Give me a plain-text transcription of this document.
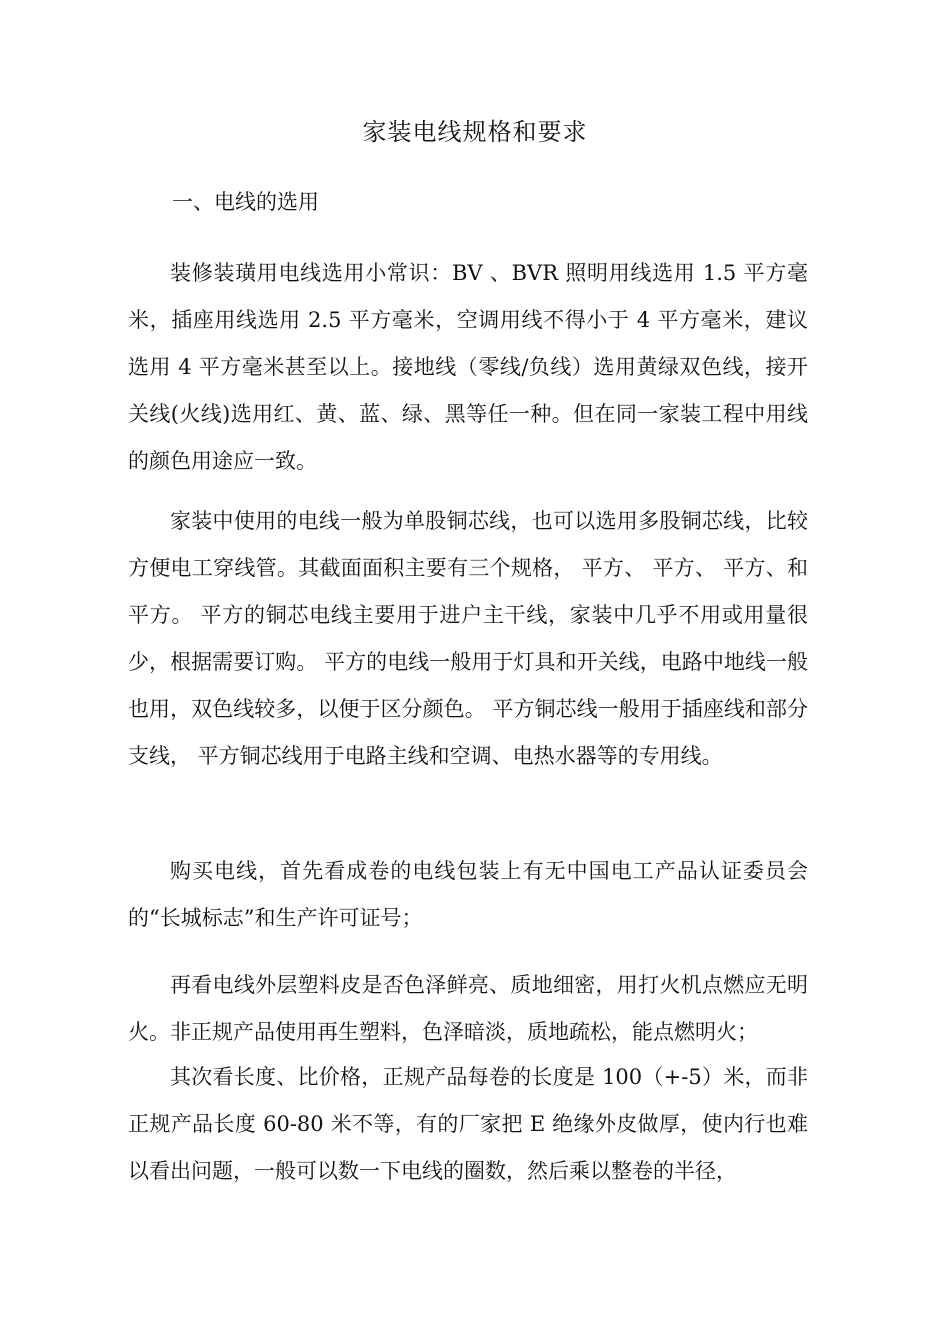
家装电线规格和要求
一、电线的选用

装修装璜用电线选用小常识：BV 、BVR 照明用线选用 1.5 平方毫米，插座用线选用 2.5 平方毫米，空调用线不得小于 4 平方毫米，建议选用 4 平方毫米甚至以上。接地线（零线/负线）选用黄绿双色线，接开关线(火线)选用红、黄、蓝、绿、黑等任一种。但在同一家装工程中用线的颜色用途应一致。

家装中使用的电线一般为单股铜芯线，也可以选用多股铜芯线，比较方便电工穿线管。其截面面积主要有三个规格， 平方、 平方、 平方、和 平方。 平方的铜芯电线主要用于进户主干线，家装中几乎不用或用量很少，根据需要订购。 平方的电线一般用于灯具和开关线，电路中地线一般也用，双色线较多，以便于区分颜色。 平方铜芯线一般用于插座线和部分支线， 平方铜芯线用于电路主线和空调、电热水器等的专用线。

购买电线，首先看成卷的电线包装上有无中国电工产品认证委员会的“长城标志”和生产许可证号；

再看电线外层塑料皮是否色泽鲜亮、质地细密，用打火机点燃应无明火。非正规产品使用再生塑料，色泽暗淡，质地疏松，能点燃明火；

其次看长度、比价格，正规产品每卷的长度是 100（+-5）米，而非正规产品长度 60-80 米不等，有的厂家把 E 绝缘外皮做厚，使内行也难以看出问题，一般可以数一下电线的圈数，然后乘以整卷的半径，
